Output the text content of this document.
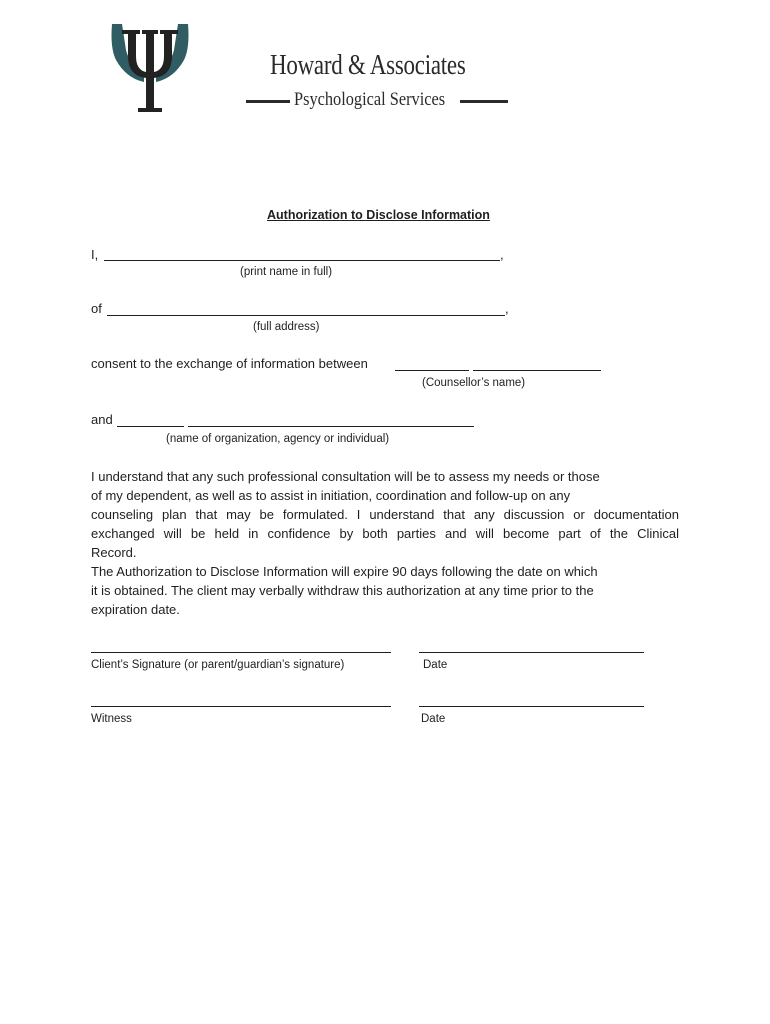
Howard & Associates
Psychological Services
Authorization to Disclose Information
I,	,
(print name in full)
of	,
(full address)
consent to the exchange of information between
(Counsellor’s name)
and
(name of organization, agency or individual)
I understand that any such professional consultation will be to assess my needs or those
of my dependent, as well as to assist in initiation, coordination and follow-up on any
counseling plan that may be formulated. I understand that any discussion or documentation
exchanged will be held in confidence by both parties and will become part of the Clinical
Record.
The Authorization to Disclose Information will expire 90 days following the date on which
it is obtained. The client may verbally withdraw this authorization at any time prior to the
expiration date.
Client’s Signature (or parent/guardian’s signature)	Date
Witness	Date
